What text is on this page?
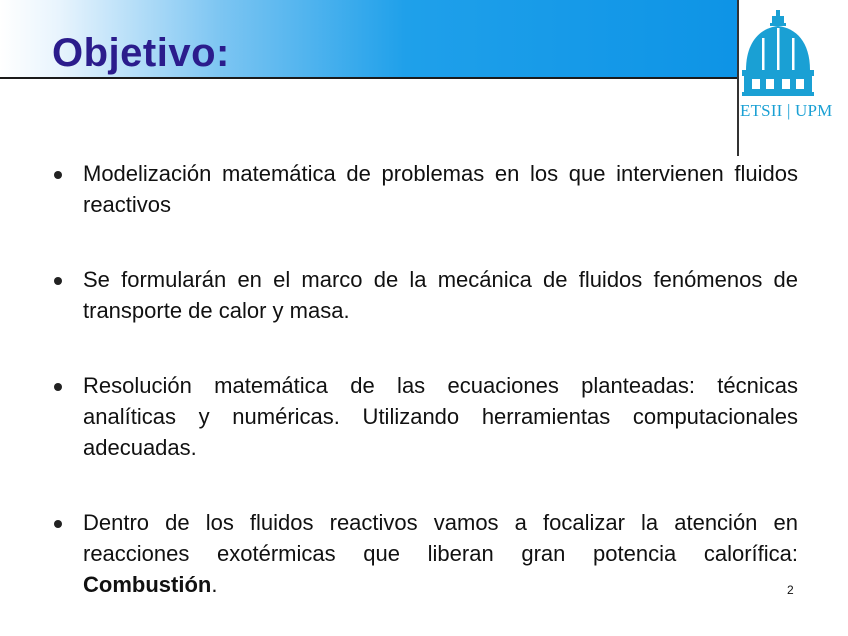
Objetivo:
ETSII | UPM
Modelización matemática de problemas en los que intervienen fluidos reactivos
Se formularán en el marco de la mecánica de fluidos fenómenos de transporte de calor y masa.
Resolución matemática de las ecuaciones planteadas: técnicas analíticas y numéricas. Utilizando herramientas computacionales adecuadas.
Dentro de los fluidos reactivos vamos a focalizar la atención en reacciones exotérmicas que liberan gran potencia calorífica: Combustión.	2
